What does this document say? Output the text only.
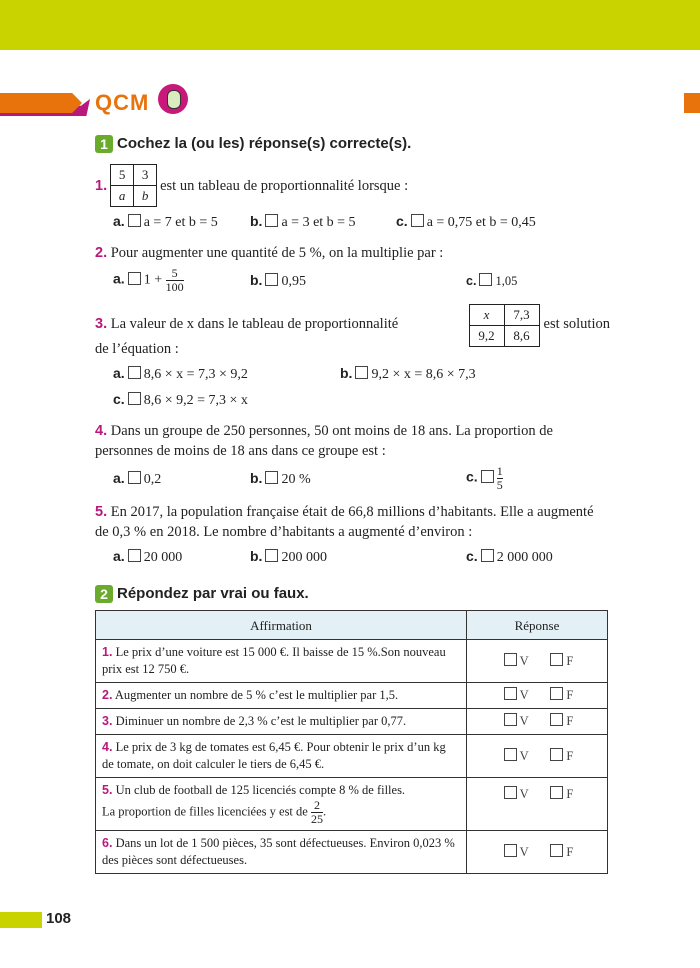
QCM
1 Cochez la (ou les) réponse(s) correcte(s).
1.
5	3
a	b
est un tableau de proportionnalité lorsque :
a. a = 7 et b = 5	b. a = 3 et b = 5	c. a = 0,75 et b = 0,45
2. Pour augmenter une quantité de 5 %, on la multiplie par :
a. $1 + \frac{5}{100}$	b. 0,95	c. 1,05
3. La valeur de x dans le tableau de proportionnalité
x	7,3
9,2	8,6
est solution
de l’équation :
a. 8,6 × x = 7,3 × 9,2	b. 9,2 × x = 8,6 × 7,3
c. 8,6 × 9,2 = 7,3 × x
4. Dans un groupe de 250 personnes, 50 ont moins de 18 ans. La proportion de personnes de moins de 18 ans dans ce groupe est :
a. 0,2	b. 20 %	c. $\frac{1}{5}$
5. En 2017, la population française était de 66,8 millions d’habitants. Elle a augmenté de 0,3 % en 2018. Le nombre d’habitants a augmenté d’environ :
a. 20 000	b. 200 000	c. 2 000 000
2 Répondez par vrai ou faux.
Affirmation	Réponse
1. Le prix d’une voiture est 15 000 €. Il baisse de 15 %.Son nouveau prix est 12 750 €.	V F
2. Augmenter un nombre de 5 % c’est le multiplier par 1,5.	V F
3. Diminuer un nombre de 2,3 % c’est le multiplier par 0,77.	V F
4. Le prix de 3 kg de tomates est 6,45 €. Pour obtenir le prix d’un kg de tomate, on doit calculer le tiers de 6,45 €.	V F
5. Un club de football de 125 licenciés compte 8 % de filles.
La proportion de filles licenciées y est de $\frac{2}{25}$ .	V F
6. Dans un lot de 1 500 pièces, 35 sont défectueuses. Environ 0,023 % des pièces sont défectueuses.	V F
108
